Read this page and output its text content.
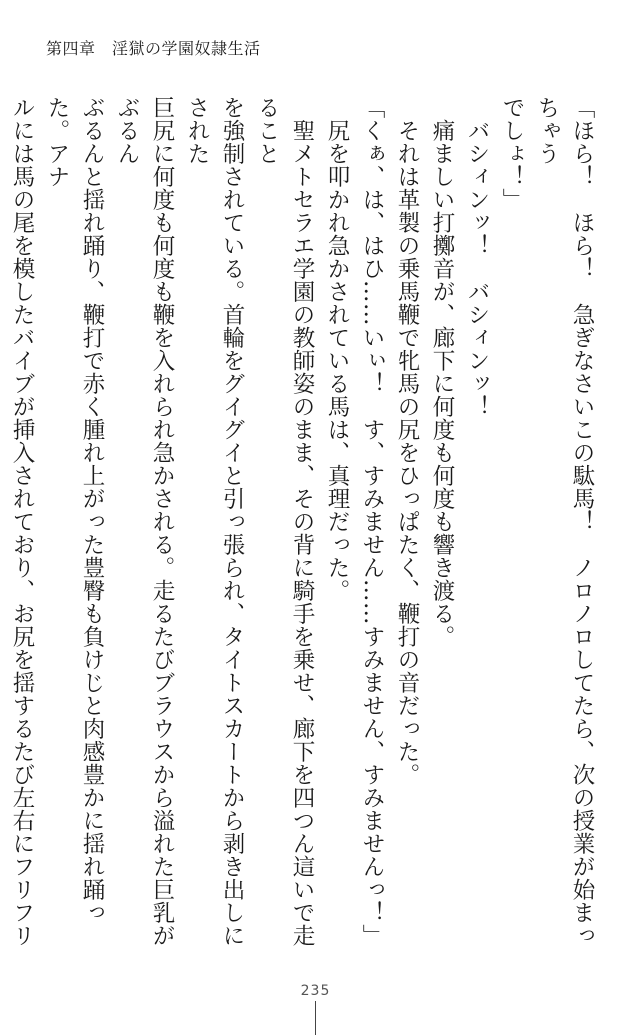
第四章　淫獄の学園奴隷生活

「ほら！　ほら！　急ぎなさいこの駄馬！　ノロノロしてたら、次の授業が始まっちゃう

でしょ！」

　バシィンッ！　バシィンッ！

　痛ましい打擲音が、廊下に何度も何度も響き渡る。

　それは革製の乗馬鞭で牝馬の尻をひっぱたく、鞭打の音だった。

「くぁ、は、はひ……いぃ！　す、すみません……すみません、すみませんっ！」

　尻を叩かれ急かされている馬は、真理だった。

　聖メトセラエ学園の教師姿のまま、その背に騎手を乗せ、廊下を四つん這いで走ること

を強制されている。首輪をグイグイと引っ張られ、タイトスカートから剥き出しにされた

巨尻に何度も何度も鞭を入れられ急かされる。走るたびブラウスから溢れた巨乳がぶるん

ぶるんと揺れ踊り、鞭打で赤く腫れ上がった豊臀も負けじと肉感豊かに揺れ踊った。アナ

ルには馬の尾を模したバイブが挿入されており、お尻を揺するたび左右にフリフリ

235
